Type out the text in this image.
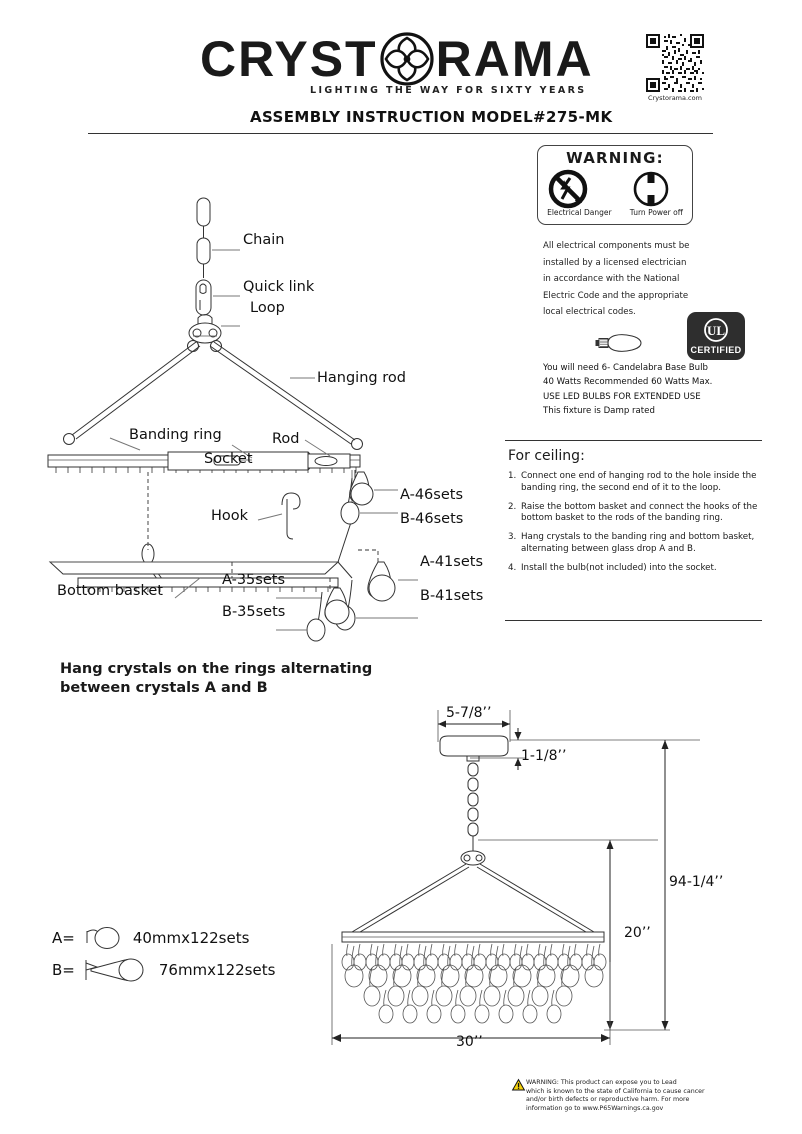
CRYST RAMA
LIGHTING THE WAY FOR SIXTY YEARS
Crystorama.com
ASSEMBLY INSTRUCTION MODEL#275-MK
WARNING:
Electrical Danger Turn Power off
All electrical components must be
installed by a licensed electrician
in accordance with the National
Electric Code and the appropriate
local electrical codes.
UL
CERTIFIED
You will need 6- Candelabra Base Bulb
40 Watts Recommended 60 Watts Max.
USE LED BULBS FOR EXTENDED USE
This fixture is Damp rated
For ceiling:
1. Connect one end of hanging rod to the hole inside the banding ring, the second end of it to the loop.
2. Raise the bottom basket and connect the hooks of the bottom basket to the rods of the banding ring.
3. Hang crystals to the banding ring and bottom basket, alternating between glass drop A and B.
4. Install the bulb(not included) into the socket.
Chain
Quick link
Loop
Hanging rod
Banding ring	Rod
Socket
Hook
Bottom basket
A-46sets
B-46sets
A-41sets
B-41sets
A-35sets
B-35sets
Hang crystals on the rings alternating
between crystals A and B
A=	40mmx122sets
B=	76mmx122sets
5-7/8’’
1-1/8’’
94-1/4’’
20’’
30’’
WARNING: This product can expose you to Lead
which is known to the state of California to cause cancer
and/or birth defects or reproductive harm. For more
information go to www.P65Warnings.ca.gov
